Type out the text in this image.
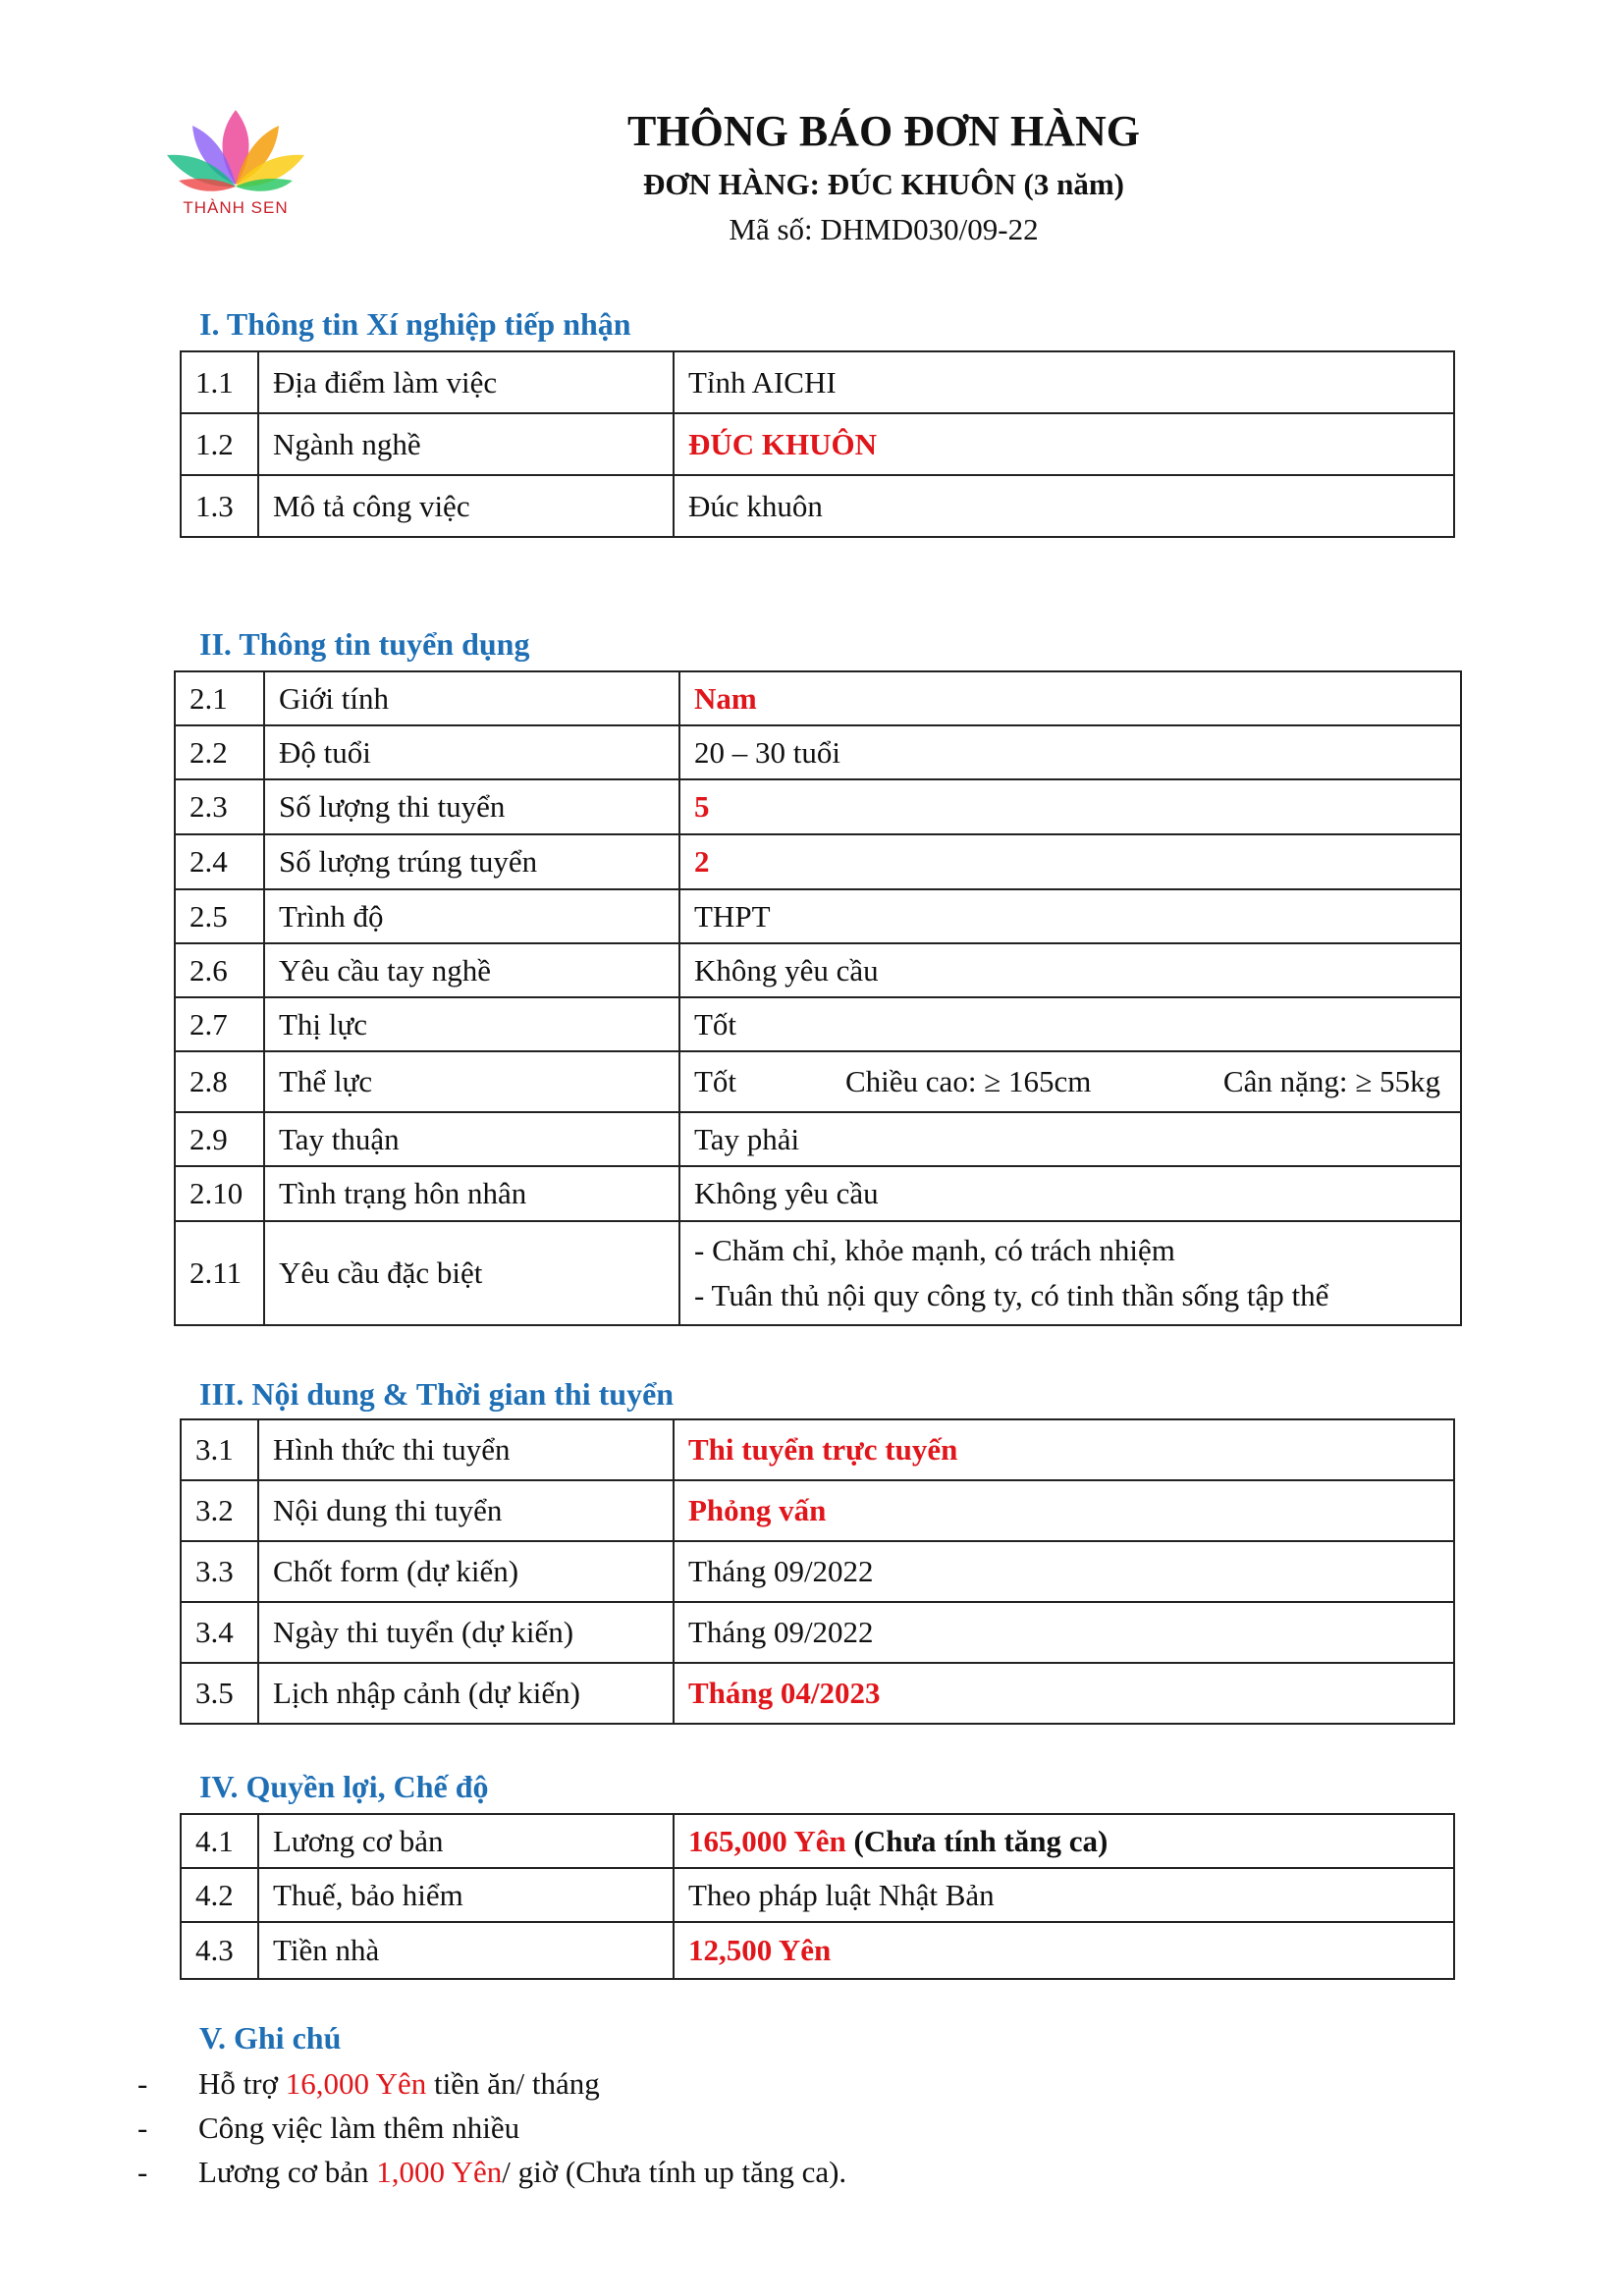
THÀNH SEN
THÔNG BÁO ĐƠN HÀNG
ĐƠN HÀNG: ĐÚC KHUÔN (3 năm)
Mã số: DHMD030/09-22
I. Thông tin Xí nghiệp tiếp nhận
1.1	Địa điểm làm việc	Tỉnh AICHI
1.2	Ngành nghề	ĐÚC KHUÔN
1.3	Mô tả công việc	Đúc khuôn
II. Thông tin tuyển dụng
2.1	Giới tính	Nam
2.2	Độ tuổi	20 – 30 tuổi
2.3	Số lượng thi tuyển	5
2.4	Số lượng trúng tuyển	2
2.5	Trình độ	THPT
2.6	Yêu cầu tay nghề	Không yêu cầu
2.7	Thị lực	Tốt
2.8	Thể lực	Tốt Chiều cao: ≥ 165cm Cân nặng: ≥ 55kg

2.9	Tay thuận	Tay phải
2.10	Tình trạng hôn nhân	Không yêu cầu
2.11	Yêu cầu đặc biệt	- Chăm chỉ, khỏe mạnh, có trách nhiệm
- Tuân thủ nội quy công ty, có tinh thần sống tập thể
III. Nội dung & Thời gian thi tuyển
3.1	Hình thức thi tuyển	Thi tuyển trực tuyến
3.2	Nội dung thi tuyển	Phỏng vấn
3.3	Chốt form (dự kiến)	Tháng 09/2022
3.4	Ngày thi tuyển (dự kiến)	Tháng 09/2022
3.5	Lịch nhập cảnh (dự kiến)	Tháng 04/2023
IV. Quyền lợi, Chế độ
4.1	Lương cơ bản	165,000 Yên (Chưa tính tăng ca)
4.2	Thuế, bảo hiểm	Theo pháp luật Nhật Bản
4.3	Tiền nhà	12,500 Yên
V. Ghi chú
- Hỗ trợ 16,000 Yên tiền ăn/ tháng
- Công việc làm thêm nhiều
- Lương cơ bản 1,000 Yên/ giờ (Chưa tính up tăng ca).
